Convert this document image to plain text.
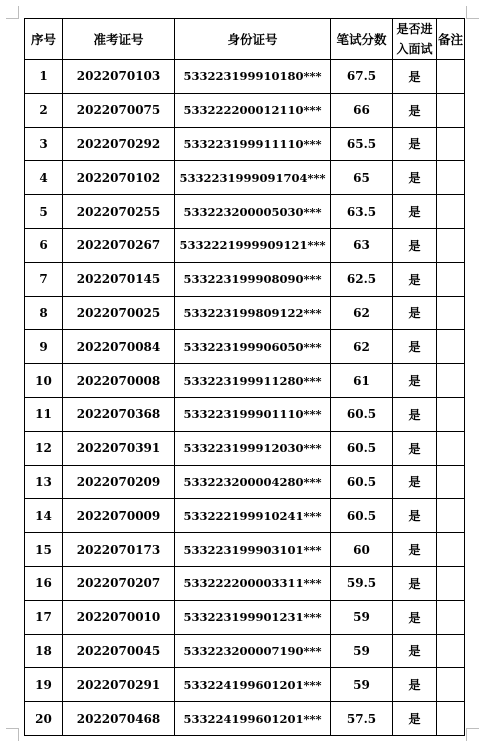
序号	准考证号	身份证号	笔试分数	是否进入面试	备注
1	2022070103	533223199910180***	67.5	是	
2	2022070075	533222200012110***	66	是	
3	2022070292	533223199911110***	65.5	是	
4	2022070102	5332231999091704***	65	是	
5	2022070255	533223200005030***	63.5	是	
6	2022070267	5332221999909121***	63	是	
7	2022070145	533223199908090***	62.5	是	
8	2022070025	533223199809122***	62	是	
9	2022070084	533223199906050***	62	是	
10	2022070008	533223199911280***	61	是	
11	2022070368	533223199901110***	60.5	是	
12	2022070391	533223199912030***	60.5	是	
13	2022070209	533223200004280***	60.5	是	
14	2022070009	533222199910241***	60.5	是	
15	2022070173	533223199903101***	60	是	
16	2022070207	533222200003311***	59.5	是	
17	2022070010	533223199901231***	59	是	
18	2022070045	533223200007190***	59	是	
19	2022070291	533224199601201***	59	是	
20	2022070468	533224199601201***	57.5	是	
